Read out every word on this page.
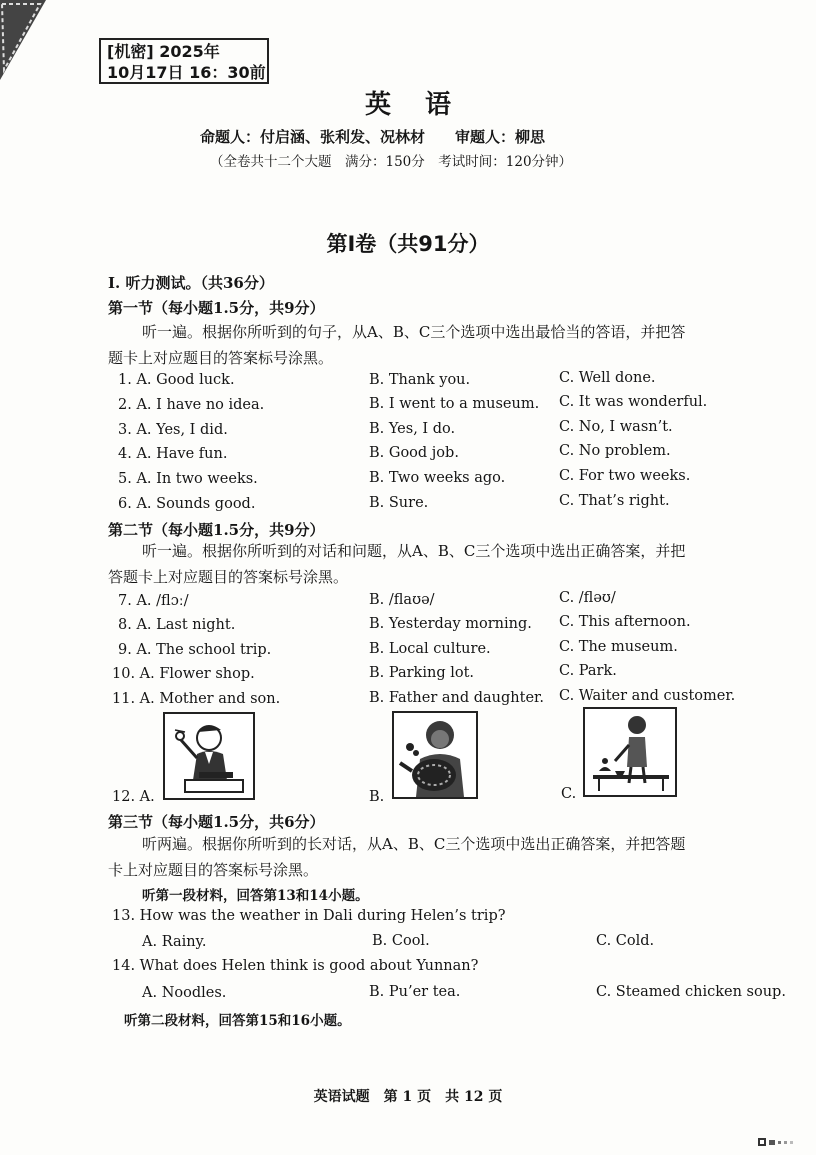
[机密] 2025年
10月17日 16：30前
英语
命题人：付启涵、张利发、况林材　　审题人：柳思
（全卷共十二个大题　满分：150分　考试时间：120分钟）
第I卷（共91分）
I. 听力测试。（共36分）
第一节（每小题1.5分，共9分）
听一遍。根据你所听到的句子，从A、B、C三个选项中选出最恰当的答语，并把答
题卡上对应题目的答案标号涂黑。
1. A. Good luck.	B. Thank you.	C. Well done.
2. A. I have no idea.	B. I went to a museum. C. It was wonderful.
3. A. Yes, I did.	B. Yes, I do.	C. No, I wasn’t.
4. A. Have fun.	B. Good job.	C. No problem.
5. A. In two weeks.	B. Two weeks ago.	C. For two weeks.
6. A. Sounds good.	B. Sure.	C. That’s right.
第二节（每小题1.5分，共9分）
听一遍。根据你所听到的对话和问题，从A、B、C三个选项中选出正确答案，并把
答题卡上对应题目的答案标号涂黑。
7. A. /flɔː/	B. /flaʊə/	C. /fləʊ/
8. A. Last night.	B. Yesterday morning. C. This afternoon.
9. A. The school trip.	B. Local culture.	C. The museum.
10. A. Flower shop.	B. Parking lot.	C. Park.
11. A. Mother and son.	B. Father and daughter. C. Waiter and customer.
12. A.	B.	C.
第三节（每小题1.5分，共6分）
听两遍。根据你所听到的长对话，从A、B、C三个选项中选出正确答案，并把答题
卡上对应题目的答案标号涂黑。
听第一段材料，回答第13和14小题。
13. How was the weather in Dali during Helen’s trip?
A. Rainy.	B. Cool.	C. Cold.
14. What does Helen think is good about Yunnan?
A. Noodles.	B. Pu’er tea.	C. Steamed chicken soup.
听第二段材料，回答第15和16小题。
英语试题　第 1 页　共 12 页
